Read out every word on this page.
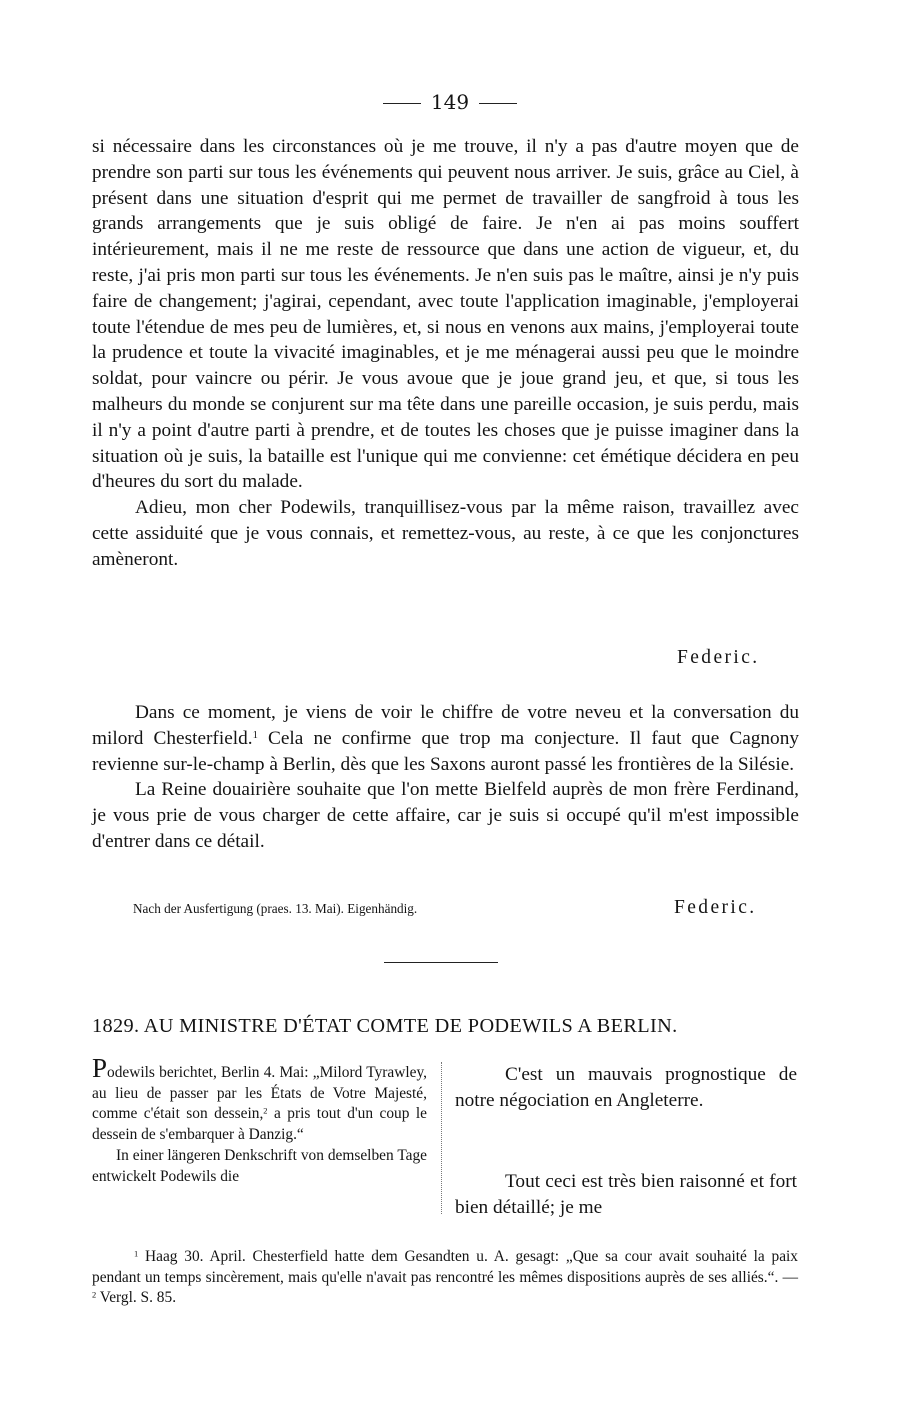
149

si nécessaire dans les circonstances où je me trouve, il n'y a pas d'autre moyen que de prendre son parti sur tous les événements qui peuvent nous arriver. Je suis, grâce au Ciel, à présent dans une situation d'esprit qui me permet de travailler de sangfroid à tous les grands arrangements que je suis obligé de faire. Je n'en ai pas moins souffert intérieurement, mais il ne me reste de ressource que dans une action de vigueur, et, du reste, j'ai pris mon parti sur tous les événements. Je n'en suis pas le maître, ainsi je n'y puis faire de changement; j'agirai, cependant, avec toute l'application imaginable, j'employerai toute l'étendue de mes peu de lumières, et, si nous en venons aux mains, j'employerai toute la prudence et toute la vivacité imaginables, et je me ménagerai aussi peu que le moindre soldat, pour vaincre ou périr. Je vous avoue que je joue grand jeu, et que, si tous les malheurs du monde se conjurent sur ma tête dans une pareille occasion, je suis perdu, mais il n'y a point d'autre parti à prendre, et de toutes les choses que je puisse imaginer dans la situation où je suis, la bataille est l'unique qui me convienne: cet émétique décidera en peu d'heures du sort du malade.

Adieu, mon cher Podewils, tranquillisez-vous par la même raison, travaillez avec cette assiduité que je vous connais, et remettez-vous, au reste, à ce que les conjonctures amèneront.

Federic.

Dans ce moment, je viens de voir le chiffre de votre neveu et la conversation du milord Chesterfield.$^1$ Cela ne confirme que trop ma conjecture. Il faut que Cagnony revienne sur-le-champ à Berlin, dès que les Saxons auront passé les frontières de la Silésie.

La Reine douairière souhaite que l'on mette Bielfeld auprès de mon frère Ferdinand, je vous prie de vous charger de cette affaire, car je suis si occupé qu'il m'est impossible d'entrer dans ce détail.

Nach der Ausfertigung (praes. 13. Mai). Eigenhändig.	Federic.
1829. AU MINISTRE D'ÉTAT COMTE DE PODEWILS A BERLIN.

Podewils berichtet, Berlin 4. Mai: „Milord Tyrawley, au lieu de passer par les États de Votre Majesté, comme c'était son dessein,$^2$ a pris tout d'un coup le dessein de s'embarquer à Danzig.“

In einer längeren Denkschrift von demselben Tage entwickelt Podewils die

C'est un mauvais prognostique de notre négociation en Angleterre.

Tout ceci est très bien raisonné et fort bien détaillé; je me

$^1$ Haag 30. April. Chesterfield hatte dem Gesandten u. A. gesagt: „Que sa cour avait souhaité la paix pendant un temps sincèrement, mais qu'elle n'avait pas rencontré les mêmes dispositions auprès de ses alliés.“. — $^2$ Vergl. S. 85.
